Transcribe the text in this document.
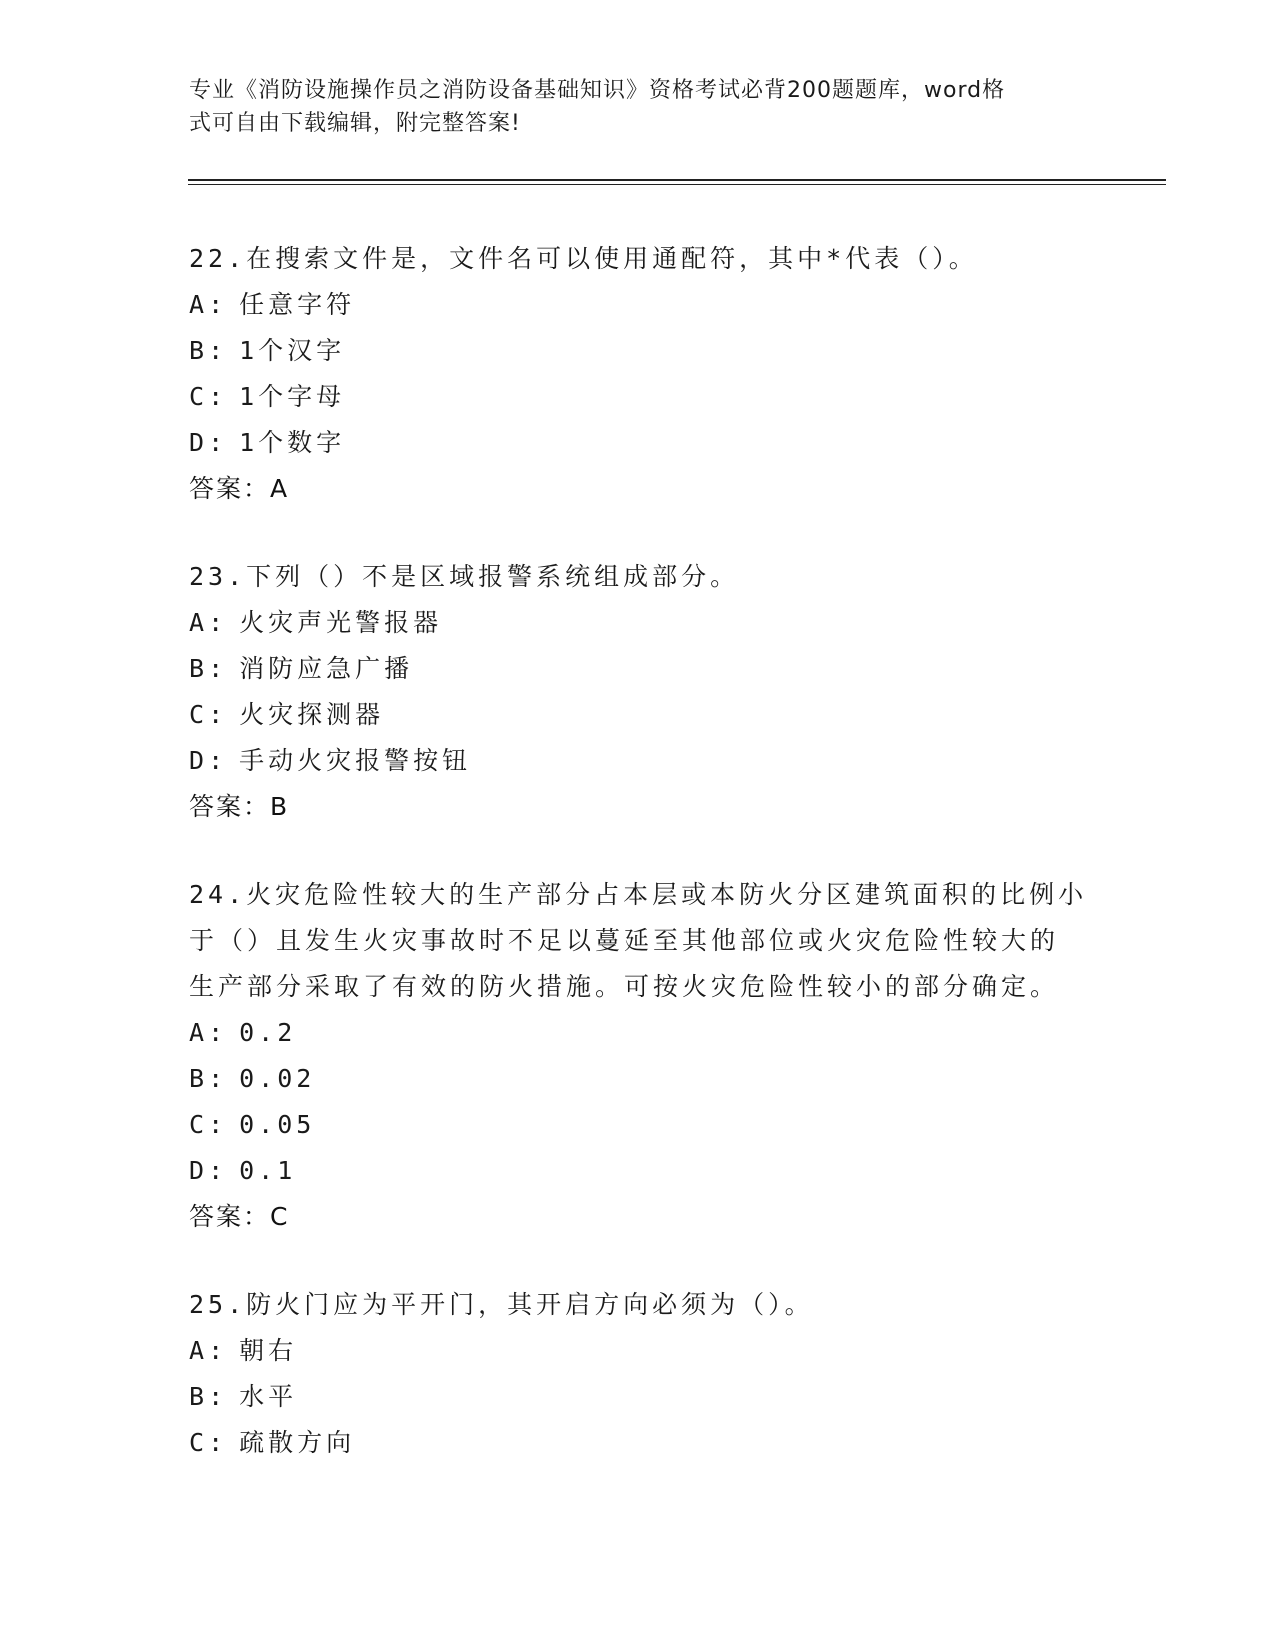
专业《消防设施操作员之消防设备基础知识》资格考试必背200题题库，word格
式可自由下载编辑，附完整答案!

22.在搜索文件是，文件名可以使用通配符，其中*代表（）。

A: 任意字符
B: 1个汉字
C: 1个字母
D: 1个数字
答案：A

23.下列（）不是区域报警系统组成部分。

A: 火灾声光警报器
B: 消防应急广播
C: 火灾探测器
D: 手动火灾报警按钮
答案：B

24.火灾危险性较大的生产部分占本层或本防火分区建筑面积的比例小

于（）且发生火灾事故时不足以蔓延至其他部位或火灾危险性较大的

生产部分采取了有效的防火措施。可按火灾危险性较小的部分确定。

A: 0.2
B: 0.02
C: 0.05
D: 0.1
答案：C

25.防火门应为平开门，其开启方向必须为（）。

A: 朝右
B: 水平
C: 疏散方向
